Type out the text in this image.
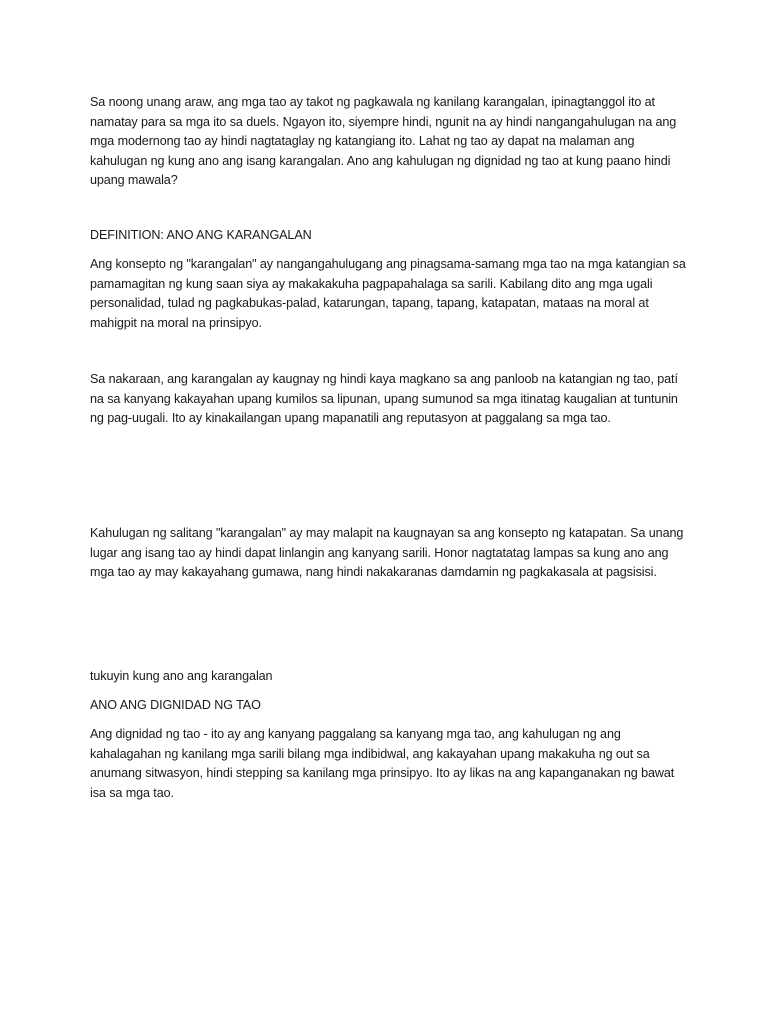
Sa noong unang araw, ang mga tao ay takot ng pagkawala ng kanilang karangalan, ipinagtanggol ito at namatay para sa mga ito sa duels. Ngayon ito, siyempre hindi, ngunit na ay hindi nangangahulugan na ang mga modernong tao ay hindi nagtataglay ng katangiang ito. Lahat ng tao ay dapat na malaman ang kahulugan ng kung ano ang isang karangalan. Ano ang kahulugan ng dignidad ng tao at kung paano hindi upang mawala?

DEFINITION: ANO ANG KARANGALAN

Ang konsepto ng "karangalan" ay nangangahulugang ang pinagsama-samang mga tao na mga katangian sa pamamagitan ng kung saan siya ay makakakuha pagpapahalaga sa sarili. Kabilang dito ang mga ugali personalidad, tulad ng pagkabukas-palad, katarungan, tapang, tapang, katapatan, mataas na moral at mahigpit na moral na prinsipyo.

Sa nakaraan, ang karangalan ay kaugnay ng hindi kaya magkano sa ang panloob na katangian ng tao, patí na sa kanyang kakayahan upang kumilos sa lipunan, upang sumunod sa mga itinatag kaugalian at tuntunin ng pag-uugali. Ito ay kinakailangan upang mapanatili ang reputasyon at paggalang sa mga tao.

Kahulugan ng salitang "karangalan" ay may malapit na kaugnayan sa ang konsepto ng katapatan. Sa unang lugar ang isang tao ay hindi dapat linlangin ang kanyang sarili. Honor nagtatatag lampas sa kung ano ang mga tao ay may kakayahang gumawa, nang hindi nakakaranas damdamin ng pagkakasala at pagsisisi.

tukuyin kung ano ang karangalan

ANO ANG DIGNIDAD NG TAO

Ang dignidad ng tao - ito ay ang kanyang paggalang sa kanyang mga tao, ang kahulugan ng ang kahalagahan ng kanilang mga sarili bilang mga indibidwal, ang kakayahan upang makakuha ng out sa anumang sitwasyon, hindi stepping sa kanilang mga prinsipyo. Ito ay likas na ang kapanganakan ng bawat isa sa mga tao.
